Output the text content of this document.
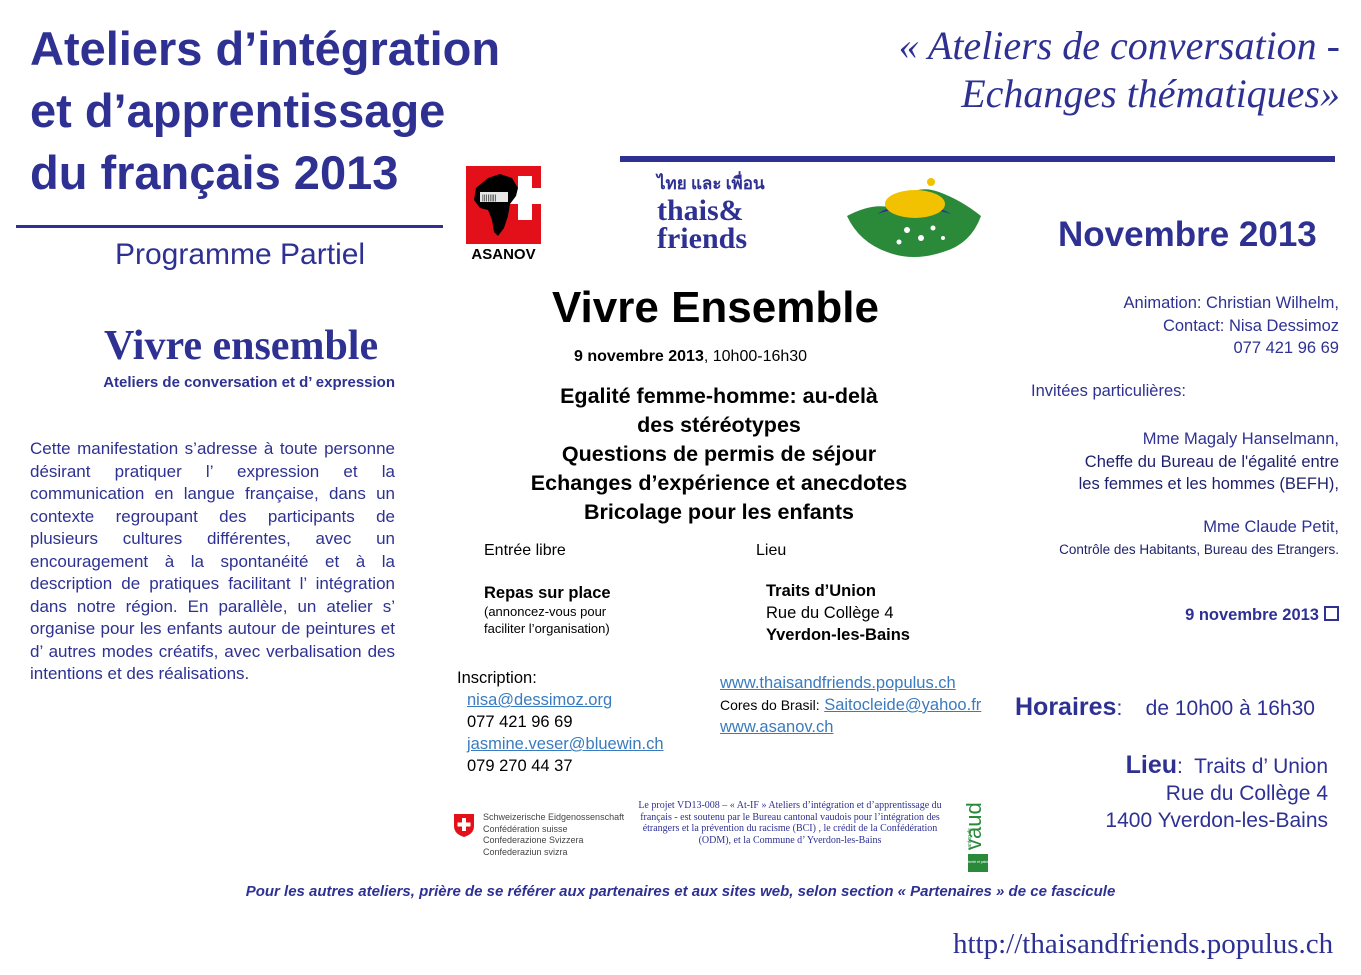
Ateliers d’intégration
et d’apprentissage
du français 2013
Programme Partiel
« Ateliers de conversation -
Echanges thématiques»
Novembre 2013
||||||||
ASANOV
ไทย และ เพื่อน
thais&
friends
Vivre ensemble
Ateliers de conversation et d’ expression
Cette manifestation s’adresse à toute personne désirant pratiquer l’ expression et la communication en langue française, dans un contexte regroupant des participants de plusieurs cultures différentes, avec un encouragement à la spontanéité et à la description de pratiques facilitant l’ intégration dans notre région. En parallèle, un atelier s’ organise pour les enfants autour de peintures et d’ autres modes créatifs, avec verbalisation des intentions et des réalisations.
Vivre Ensemble
9 novembre 2013, 10h00-16h30
Egalité femme-homme: au-delà
des stéréotypes
Questions de permis de séjour
Echanges d’expérience et anecdotes
Bricolage pour les enfants
Entrée libre	Lieu
Repas sur place
(annoncez-vous pour
faciliter l’organisation)
Traits d’Union
Rue du Collège 4
Yverdon-les-Bains
Inscription:
nisa@dessimoz.org
077 421 96 69
jasmine.veser@bluewin.ch
079 270 44 37
www.thaisandfriends.populus.ch
Cores do Brasil: Saitocleide@yahoo.fr
www.asanov.ch
Animation: Christian Wilhelm,
Contact: Nisa Dessimoz
077 421 96 69
Invitées particulières:
Mme Magaly Hanselmann,
Cheffe du Bureau de l'égalité entre
les femmes et les hommes (BEFH),
Mme Claude Petit,
Contrôle des Habitants, Bureau des Etrangers.
9 novembre 2013
Horaires:    de 10h00 à 16h30
Lieu:  Traits d’ Union
Rue du Collège 4
1400 Yverdon-les-Bains
Schweizerische Eidgenossenschaft
Confédération suisse
Confederazione Svizzera
Confederaziun svizra
Le projet VD13-008 – « At-IF » Ateliers d’intégration et d’apprentissage du
français - est soutenu par le Bureau cantonal vaudois pour l’intégration des
étrangers et la prévention du racisme (BCI) , le crédit de la Confédération
(ODM), et la Commune d’ Yverdon-les-Bains	vaud
canton de
liberté et patrie
Pour les autres ateliers, prière de se référer aux partenaires et aux sites web, selon section « Partenaires » de ce fascicule
http://thaisandfriends.populus.ch
